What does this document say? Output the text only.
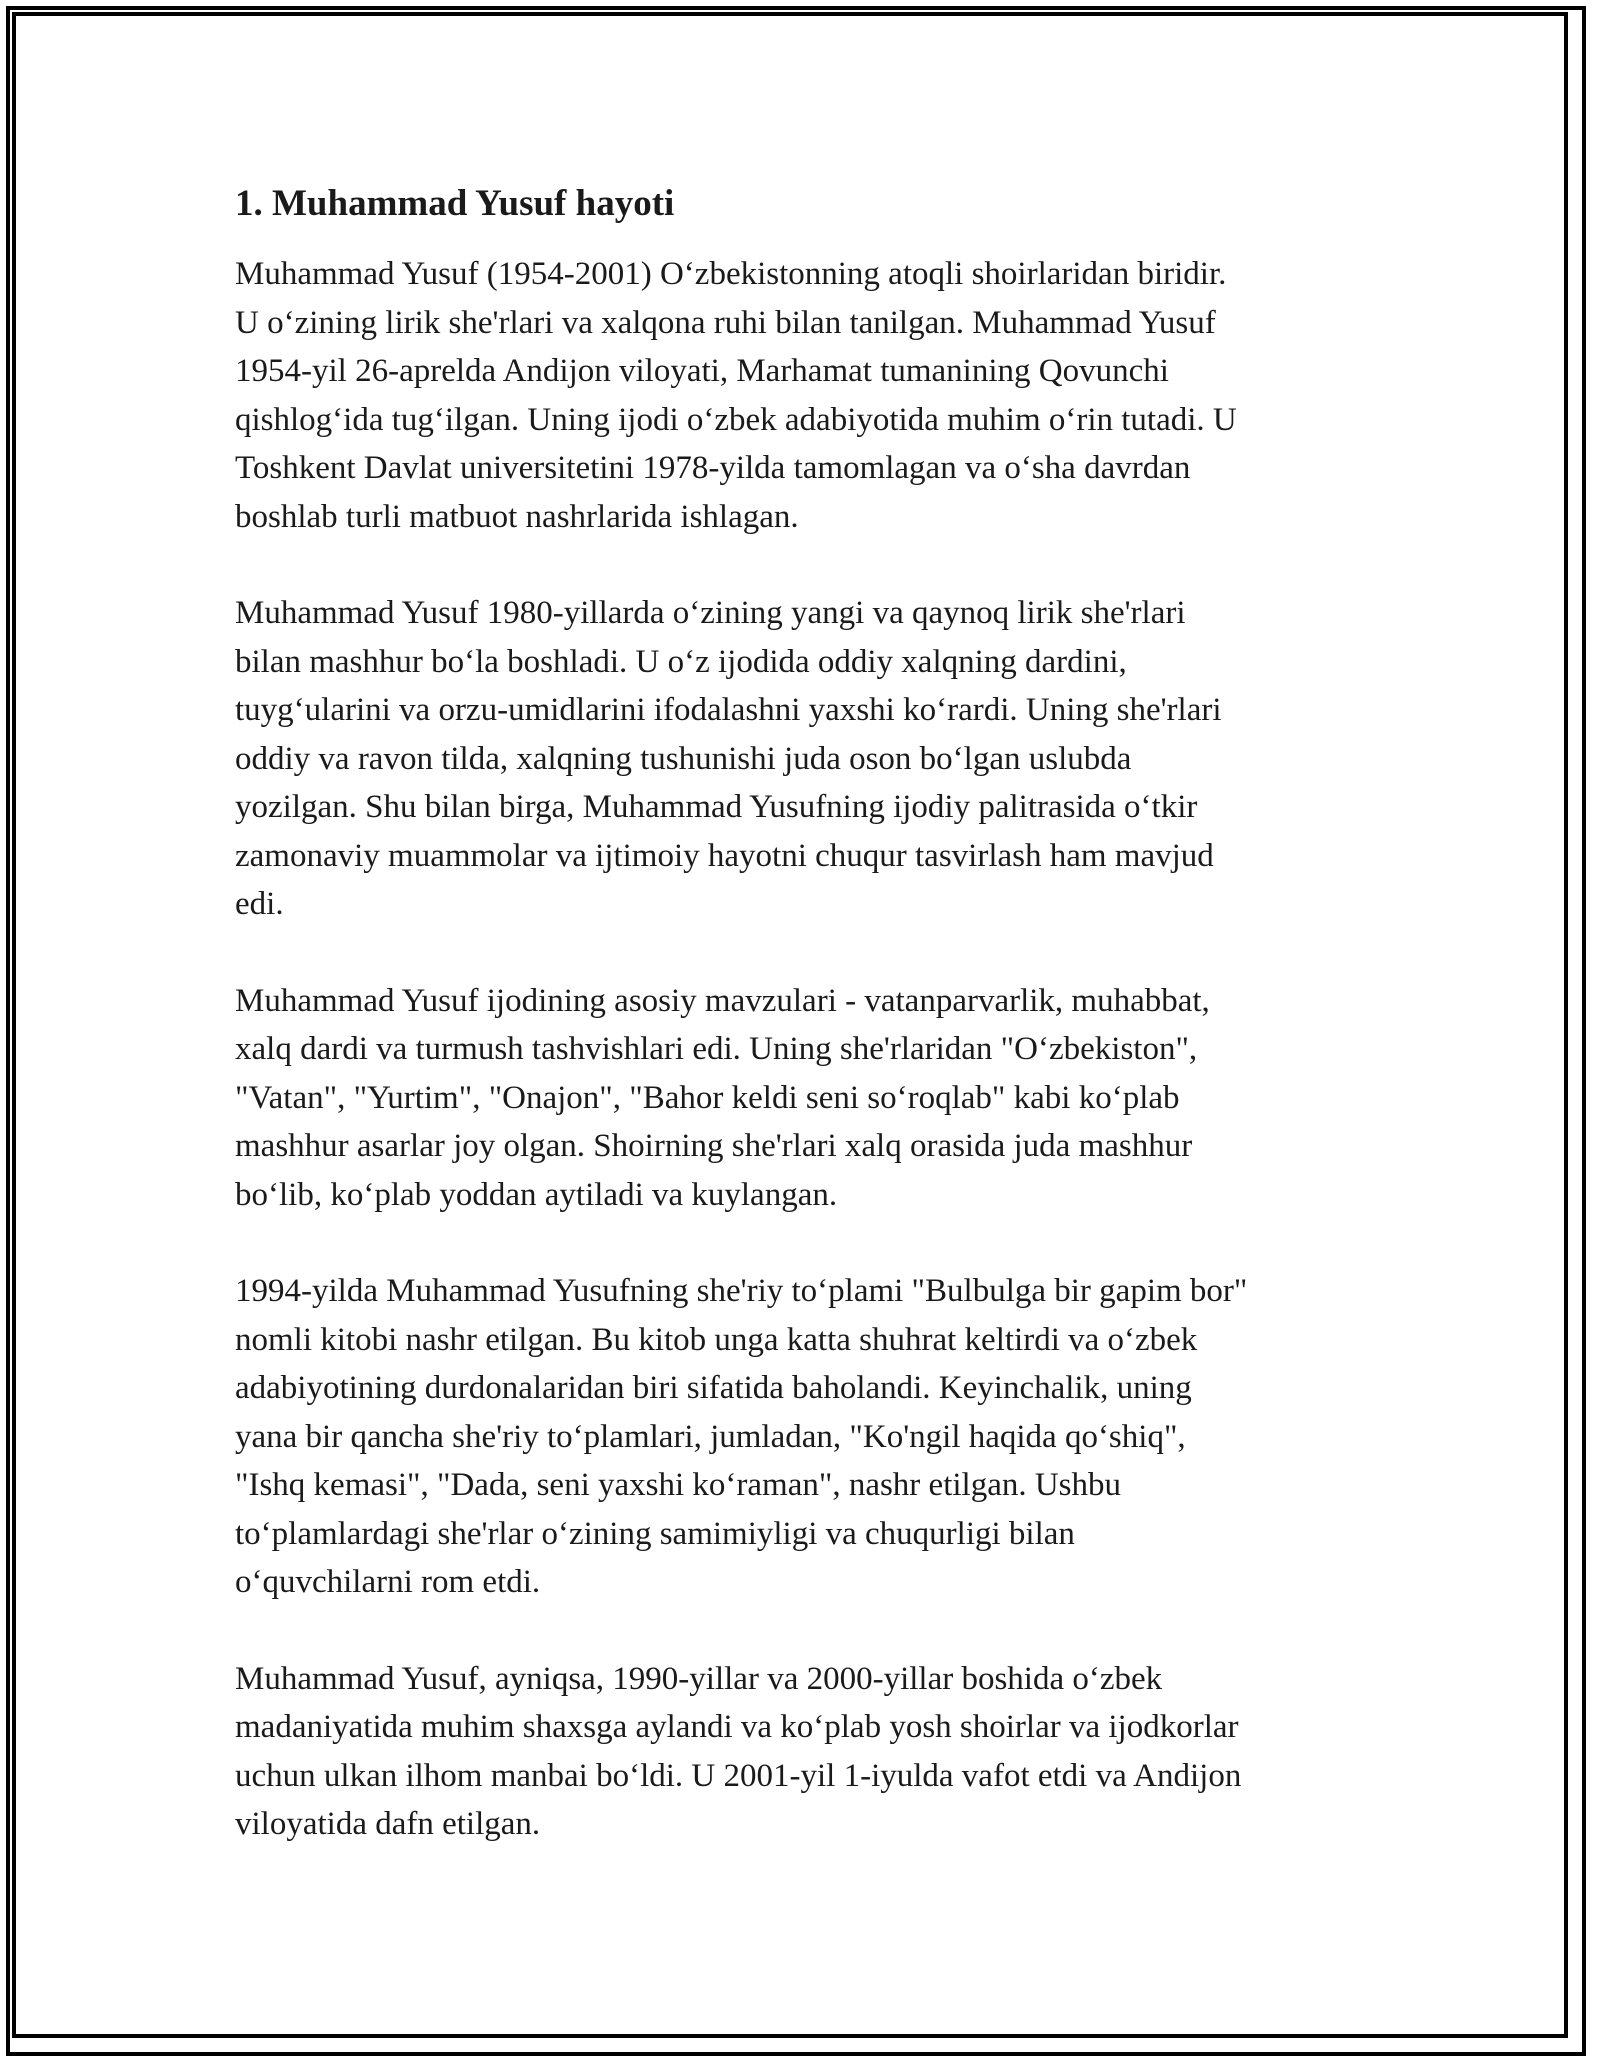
1. Muhammad Yusuf hayoti

Muhammad Yusuf (1954-2001) O‘zbekistonning atoqli shoirlaridan biridir.
U o‘zining lirik she'rlari va xalqona ruhi bilan tanilgan. Muhammad Yusuf
1954-yil 26-aprelda Andijon viloyati, Marhamat tumanining Qovunchi
qishlog‘ida tug‘ilgan. Uning ijodi o‘zbek adabiyotida muhim o‘rin tutadi. U
Toshkent Davlat universitetini 1978-yilda tamomlagan va o‘sha davrdan
boshlab turli matbuot nashrlarida ishlagan.

Muhammad Yusuf 1980-yillarda o‘zining yangi va qaynoq lirik she'rlari
bilan mashhur bo‘la boshladi. U o‘z ijodida oddiy xalqning dardini,
tuyg‘ularini va orzu-umidlarini ifodalashni yaxshi ko‘rardi. Uning she'rlari
oddiy va ravon tilda, xalqning tushunishi juda oson bo‘lgan uslubda
yozilgan. Shu bilan birga, Muhammad Yusufning ijodiy palitrasida o‘tkir
zamonaviy muammolar va ijtimoiy hayotni chuqur tasvirlash ham mavjud
edi.

Muhammad Yusuf ijodining asosiy mavzulari - vatanparvarlik, muhabbat,
xalq dardi va turmush tashvishlari edi. Uning she'rlaridan "O‘zbekiston",
"Vatan", "Yurtim", "Onajon", "Bahor keldi seni so‘roqlab" kabi ko‘plab
mashhur asarlar joy olgan. Shoirning she'rlari xalq orasida juda mashhur
bo‘lib, ko‘plab yoddan aytiladi va kuylangan.

1994-yilda Muhammad Yusufning she'riy to‘plami "Bulbulga bir gapim bor"
nomli kitobi nashr etilgan. Bu kitob unga katta shuhrat keltirdi va o‘zbek
adabiyotining durdonalaridan biri sifatida baholandi. Keyinchalik, uning
yana bir qancha she'riy to‘plamlari, jumladan, "Ko'ngil haqida qo‘shiq",
"Ishq kemasi", "Dada, seni yaxshi ko‘raman", nashr etilgan. Ushbu
to‘plamlardagi she'rlar o‘zining samimiyligi va chuqurligi bilan
o‘quvchilarni rom etdi.

Muhammad Yusuf, ayniqsa, 1990-yillar va 2000-yillar boshida o‘zbek
madaniyatida muhim shaxsga aylandi va ko‘plab yosh shoirlar va ijodkorlar
uchun ulkan ilhom manbai bo‘ldi. U 2001-yil 1-iyulda vafot etdi va Andijon
viloyatida dafn etilgan.
